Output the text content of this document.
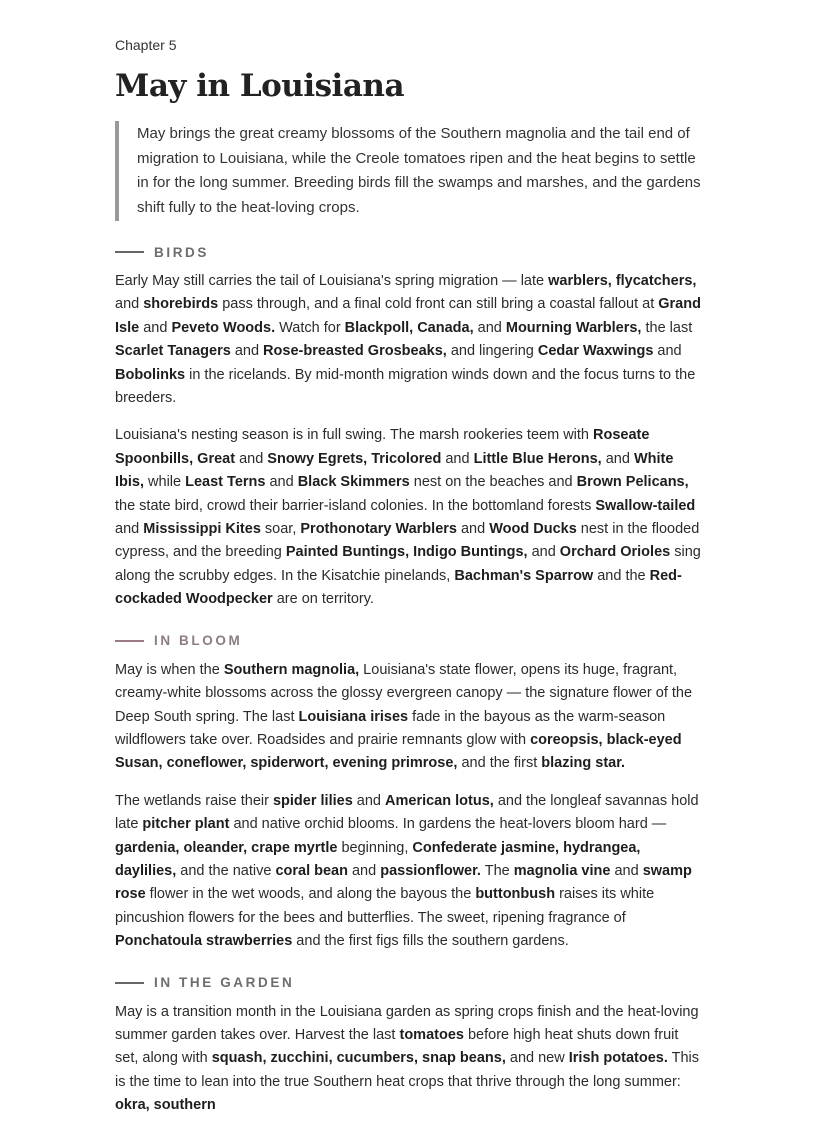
Chapter 5
May in Louisiana
May brings the great creamy blossoms of the Southern magnolia and the tail end of migration to Louisiana, while the Creole tomatoes ripen and the heat begins to settle in for the long summer. Breeding birds fill the swamps and marshes, and the gardens shift fully to the heat-loving crops.
BIRDS

Early May still carries the tail of Louisiana's spring migration — late warblers, flycatchers, and shorebirds pass through, and a final cold front can still bring a coastal fallout at Grand Isle and Peveto Woods. Watch for Blackpoll, Canada, and Mourning Warblers, the last Scarlet Tanagers and Rose-breasted Grosbeaks, and lingering Cedar Waxwings and Bobolinks in the ricelands. By mid-month migration winds down and the focus turns to the breeders.

Louisiana's nesting season is in full swing. The marsh rookeries teem with Roseate Spoonbills, Great and Snowy Egrets, Tricolored and Little Blue Herons, and White Ibis, while Least Terns and Black Skimmers nest on the beaches and Brown Pelicans, the state bird, crowd their barrier-island colonies. In the bottomland forests Swallow-tailed and Mississippi Kites soar, Prothonotary Warblers and Wood Ducks nest in the flooded cypress, and the breeding Painted Buntings, Indigo Buntings, and Orchard Orioles sing along the scrubby edges. In the Kisatchie pinelands, Bachman's Sparrow and the Red-cockaded Woodpecker are on territory.

IN BLOOM

May is when the Southern magnolia, Louisiana's state flower, opens its huge, fragrant, creamy-white blossoms across the glossy evergreen canopy — the signature flower of the Deep South spring. The last Louisiana irises fade in the bayous as the warm-season wildflowers take over. Roadsides and prairie remnants glow with coreopsis, black-eyed Susan, coneflower, spiderwort, evening primrose, and the first blazing star.

The wetlands raise their spider lilies and American lotus, and the longleaf savannas hold late pitcher plant and native orchid blooms. In gardens the heat-lovers bloom hard — gardenia, oleander, crape myrtle beginning, Confederate jasmine, hydrangea, daylilies, and the native coral bean and passionflower. The magnolia vine and swamp rose flower in the wet woods, and along the bayous the buttonbush raises its white pincushion flowers for the bees and butterflies. The sweet, ripening fragrance of Ponchatoula strawberries and the first figs fills the southern gardens.

IN THE GARDEN

May is a transition month in the Louisiana garden as spring crops finish and the heat-loving summer garden takes over. Harvest the last tomatoes before high heat shuts down fruit set, along with squash, zucchini, cucumbers, snap beans, and new Irish potatoes. This is the time to lean into the true Southern heat crops that thrive through the long summer: okra, southern
